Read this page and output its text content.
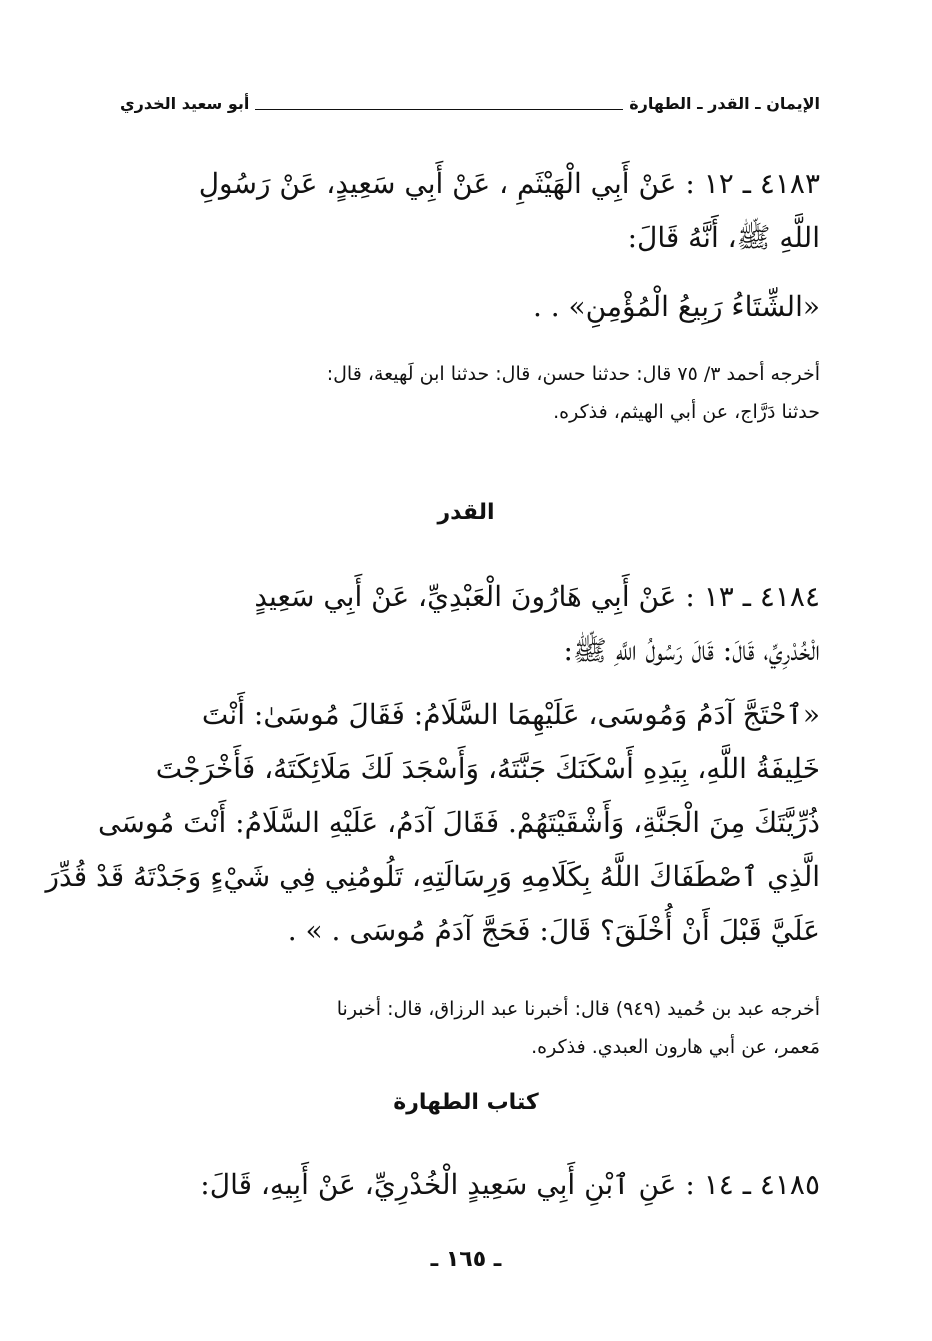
الإيمان ـ القدر ـ الطهارة
أبو سعيد الخدري
٤١٨٣ ـ ١٢ : عَنْ أَبِي الْهَيْثَمِ ، عَنْ أَبِي سَعِيدٍ، عَنْ رَسُولِ
اللَّهِ ﷺ، أَنَّهُ قَالَ:
«الشِّتَاءُ رَبِيعُ الْمُؤْمِنِ» . .
أخرجه أحمد ٣/ ٧٥ قال: حدثنا حسن، قال: حدثنا ابن لَهيعة، قال:
حدثنا دَرَّاج، عن أبي الهيثم، فذكره.
القدر
٤١٨٤ ـ ١٣ : عَنْ أَبِي هَارُونَ الْعَبْدِيِّ، عَنْ أَبِي سَعِيدٍ
الْخُدْرِيِّ، قَالَ: قَالَ رَسُولُ اللَّهِ ﷺ:
«ٱحْتَجَّ آدَمُ وَمُوسَى، عَلَيْهِمَا السَّلَامُ: فَقَالَ مُوسَىٰ: أَنْتَ
خَلِيفَةُ اللَّهِ، بِيَدِهِ أَسْكَنَكَ جَنَّتَهُ، وَأَسْجَدَ لَكَ مَلَائِكَتَهُ، فَأَخْرَجْتَ
ذُرِّيَّتَكَ مِنَ الْجَنَّةِ، وَأَشْقَيْتَهُمْ. فَقَالَ آدَمُ، عَلَيْهِ السَّلَامُ: أَنْتَ مُوسَى
الَّذِي ٱصْطَفَاكَ اللَّهُ بِكَلَامِهِ وَرِسَالَتِهِ، تَلُومُنِي فِي شَيْءٍ وَجَدْتَهُ قَدْ قُدِّرَ
عَلَيَّ قَبْلَ أَنْ أُخْلَقَ؟ قَالَ: فَحَجَّ آدَمُ مُوسَى . » .
أخرجه عبد بن حُميد (٩٤٩) قال: أخبرنا عبد الرزاق، قال: أخبرنا
مَعمر، عن أبي هارون العبدي. فذكره.
كتاب الطهارة
٤١٨٥ ـ ١٤ : عَنِ ٱبْنِ أَبِي سَعِيدٍ الْخُدْرِيِّ، عَنْ أَبِيهِ، قَالَ:
ـ ١٦٥ ـ
